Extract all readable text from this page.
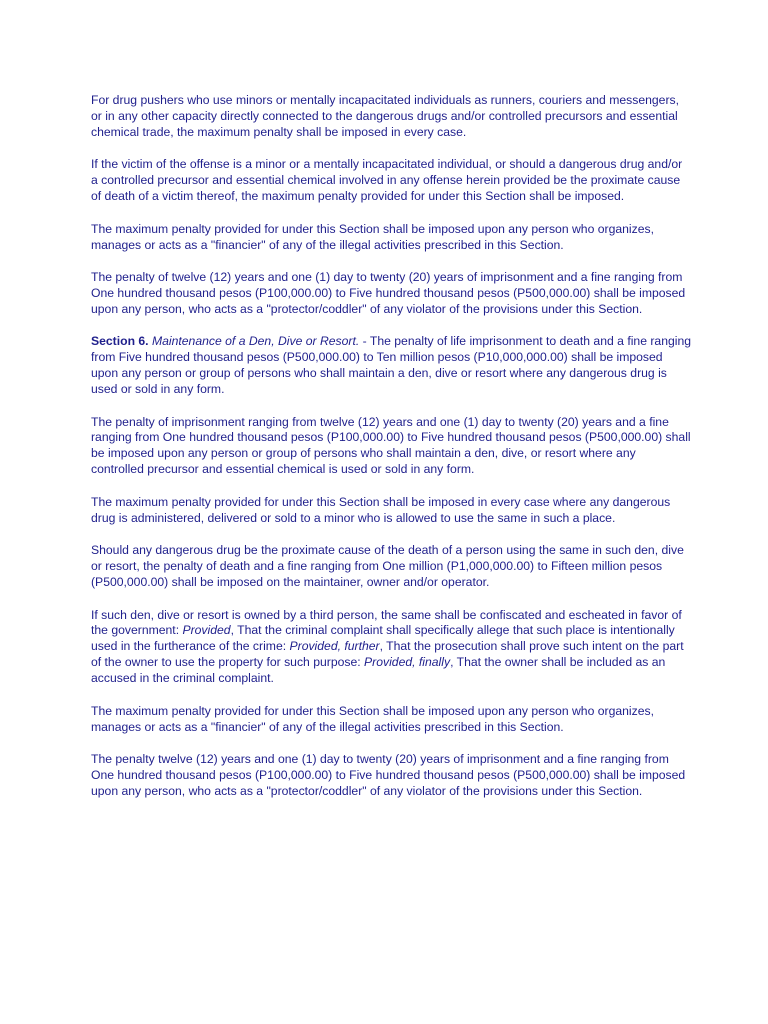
For drug pushers who use minors or mentally incapacitated individuals as runners, couriers and messengers, or in any other capacity directly connected to the dangerous drugs and/or controlled precursors and essential chemical trade, the maximum penalty shall be imposed in every case.

If the victim of the offense is a minor or a mentally incapacitated individual, or should a dangerous drug and/or a controlled precursor and essential chemical involved in any offense herein provided be the proximate cause of death of a victim thereof, the maximum penalty provided for under this Section shall be imposed.

The maximum penalty provided for under this Section shall be imposed upon any person who organizes, manages or acts as a "financier" of any of the illegal activities prescribed in this Section.

The penalty of twelve (12) years and one (1) day to twenty (20) years of imprisonment and a fine ranging from One hundred thousand pesos (P100,000.00) to Five hundred thousand pesos (P500,000.00) shall be imposed upon any person, who acts as a "protector/coddler" of any violator of the provisions under this Section.

Section 6. Maintenance of a Den, Dive or Resort. - The penalty of life imprisonment to death and a fine ranging from Five hundred thousand pesos (P500,000.00) to Ten million pesos (P10,000,000.00) shall be imposed upon any person or group of persons who shall maintain a den, dive or resort where any dangerous drug is used or sold in any form.

The penalty of imprisonment ranging from twelve (12) years and one (1) day to twenty (20) years and a fine ranging from One hundred thousand pesos (P100,000.00) to Five hundred thousand pesos (P500,000.00) shall be imposed upon any person or group of persons who shall maintain a den, dive, or resort where any controlled precursor and essential chemical is used or sold in any form.

The maximum penalty provided for under this Section shall be imposed in every case where any dangerous drug is administered, delivered or sold to a minor who is allowed to use the same in such a place.

Should any dangerous drug be the proximate cause of the death of a person using the same in such den, dive or resort, the penalty of death and a fine ranging from One million (P1,000,000.00) to Fifteen million pesos (P500,000.00) shall be imposed on the maintainer, owner and/or operator.

If such den, dive or resort is owned by a third person, the same shall be confiscated and escheated in favor of the government: Provided, That the criminal complaint shall specifically allege that such place is intentionally used in the furtherance of the crime: Provided, further, That the prosecution shall prove such intent on the part of the owner to use the property for such purpose: Provided, finally, That the owner shall be included as an accused in the criminal complaint.

The maximum penalty provided for under this Section shall be imposed upon any person who organizes, manages or acts as a "financier" of any of the illegal activities prescribed in this Section.

The penalty twelve (12) years and one (1) day to twenty (20) years of imprisonment and a fine ranging from One hundred thousand pesos (P100,000.00) to Five hundred thousand pesos (P500,000.00) shall be imposed upon any person, who acts as a "protector/coddler" of any violator of the provisions under this Section.
